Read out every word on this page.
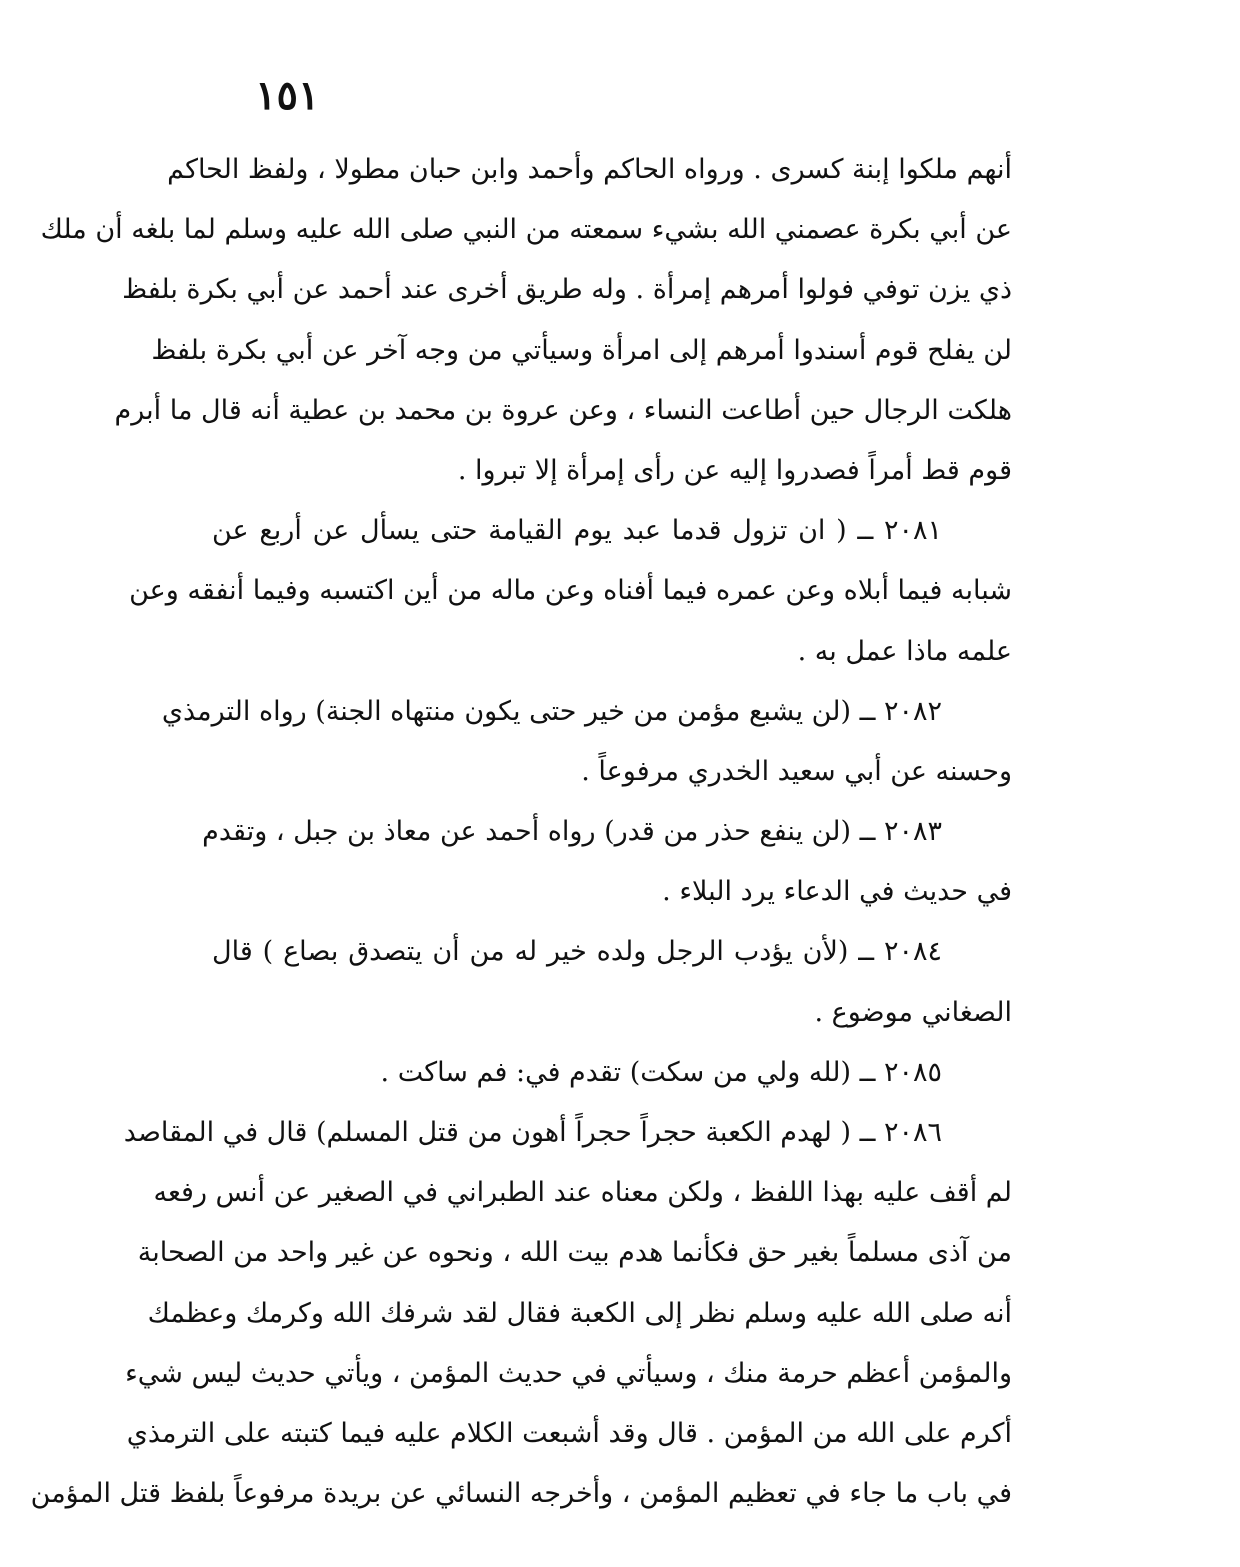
١٥١
أنهم ملكوا إبنة كسرى . ورواه الحاكم وأحمد وابن حبان مطولا ، ولفظ الحاكم
عن أبي بكرة عصمني الله بشيء سمعته من النبي صلى الله عليه وسلم لما بلغه أن ملك
ذي يزن توفي فولوا أمرهم إمرأة . وله طريق أخرى عند أحمد عن أبي بكرة بلفظ
لن يفلح قوم أسندوا أمرهم إلى امرأة وسيأتي من وجه آخر عن أبي بكرة بلفظ
هلكت الرجال حين أطاعت النساء ، وعن عروة بن محمد بن عطية أنه قال ما أبرم
قوم قط أمراً فصدروا إليه عن رأى إمرأة إلا تبروا .
٢٠٨١ ــ ( ان تزول قدما عبد يوم القيامة حتى يسأل عن أربع عن
شبابه فيما أبلاه وعن عمره فيما أفناه وعن ماله من أين اكتسبه وفيما أنفقه وعن
علمه ماذا عمل به .
٢٠٨٢ ــ (لن يشبع مؤمن من خير حتى يكون منتهاه الجنة) رواه الترمذي
وحسنه عن أبي سعيد الخدري مرفوعاً .
٢٠٨٣ ــ (لن ينفع حذر من قدر) رواه أحمد عن معاذ بن جبل ، وتقدم
في حديث في الدعاء يرد البلاء .
٢٠٨٤ ــ (لأن يؤدب الرجل ولده خير له من أن يتصدق بصاع ) قال
الصغاني موضوع .
٢٠٨٥ ــ (لله ولي من سكت) تقدم في: فم ساكت .
٢٠٨٦ ــ ( لهدم الكعبة حجراً حجراً أهون من قتل المسلم) قال في المقاصد
لم أقف عليه بهذا اللفظ ، ولكن معناه عند الطبراني في الصغير عن أنس رفعه
من آذى مسلماً بغير حق فكأنما هدم بيت الله ، ونحوه عن غير واحد من الصحابة
أنه صلى الله عليه وسلم نظر إلى الكعبة فقال لقد شرفك الله وكرمك وعظمك
والمؤمن أعظم حرمة منك ، وسيأتي في حديث المؤمن ، ويأتي حديث ليس شيء
أكرم على الله من المؤمن . قال وقد أشبعت الكلام عليه فيما كتبته على الترمذي
في باب ما جاء في تعظيم المؤمن ، وأخرجه النسائي عن بريدة مرفوعاً بلفظ قتل المؤمن
